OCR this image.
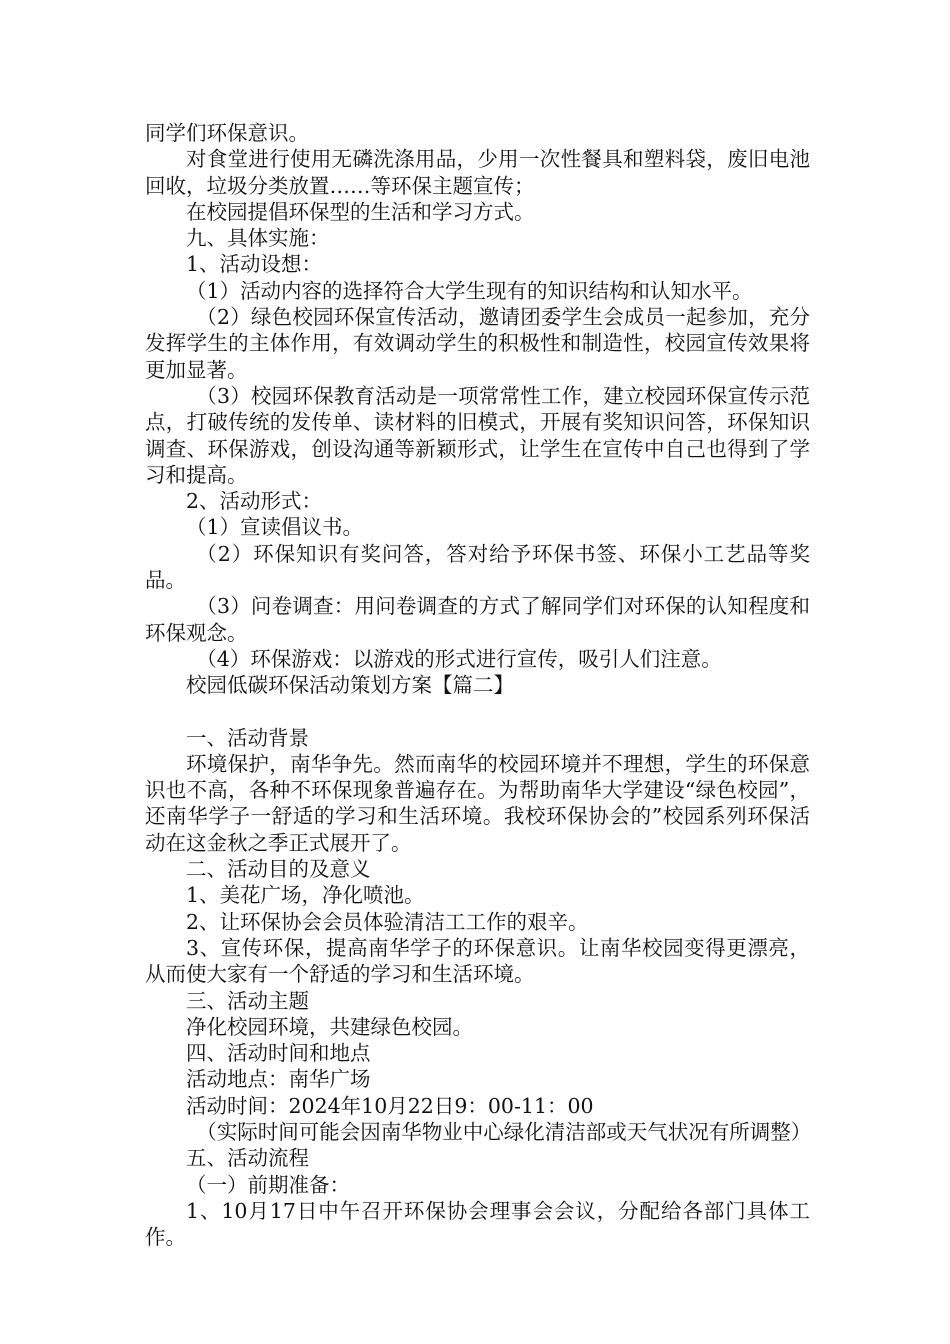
同学们环保意识。

对食堂进行使用无磷洗涤用品，少用一次性餐具和塑料袋，废旧电池回收，垃圾分类放置……等环保主题宣传；

在校园提倡环保型的生活和学习方式。

九、具体实施：

1、活动设想：

（1）活动内容的选择符合大学生现有的知识结构和认知水平。

（2）绿色校园环保宣传活动，邀请团委学生会成员一起参加，充分发挥学生的主体作用，有效调动学生的积极性和制造性，校园宣传效果将更加显著。

（3）校园环保教育活动是一项常常性工作，建立校园环保宣传示范点，打破传统的发传单、读材料的旧模式，开展有奖知识问答，环保知识调查、环保游戏，创设沟通等新颖形式，让学生在宣传中自己也得到了学习和提高。

2、活动形式：

（1）宣读倡议书。

（2）环保知识有奖问答，答对给予环保书签、环保小工艺品等奖品。

（3）问卷调查：用问卷调查的方式了解同学们对环保的认知程度和环保观念。

（4）环保游戏：以游戏的形式进行宣传，吸引人们注意。

校园低碳环保活动策划方案【篇二】

一、活动背景

环境保护，南华争先。然而南华的校园环境并不理想，学生的环保意识也不高，各种不环保现象普遍存在。为帮助南华大学建设“绿色校园”，还南华学子一舒适的学习和生活环境。我校环保协会的”校园系列环保活动在这金秋之季正式展开了。

二、活动目的及意义

1、美花广场，净化喷池。

2、让环保协会会员体验清洁工工作的艰辛。

3、宣传环保，提高南华学子的环保意识。让南华校园变得更漂亮，从而使大家有一个舒适的学习和生活环境。

三、活动主题

净化校园环境，共建绿色校园。

四、活动时间和地点

活动地点：南华广场

活动时间：2024年10月22日9：00-11：00

（实际时间可能会因南华物业中心绿化清洁部或天气状况有所调整）

五、活动流程

（一）前期准备：

1、10月17日中午召开环保协会理事会会议，分配给各部门具体工作。
